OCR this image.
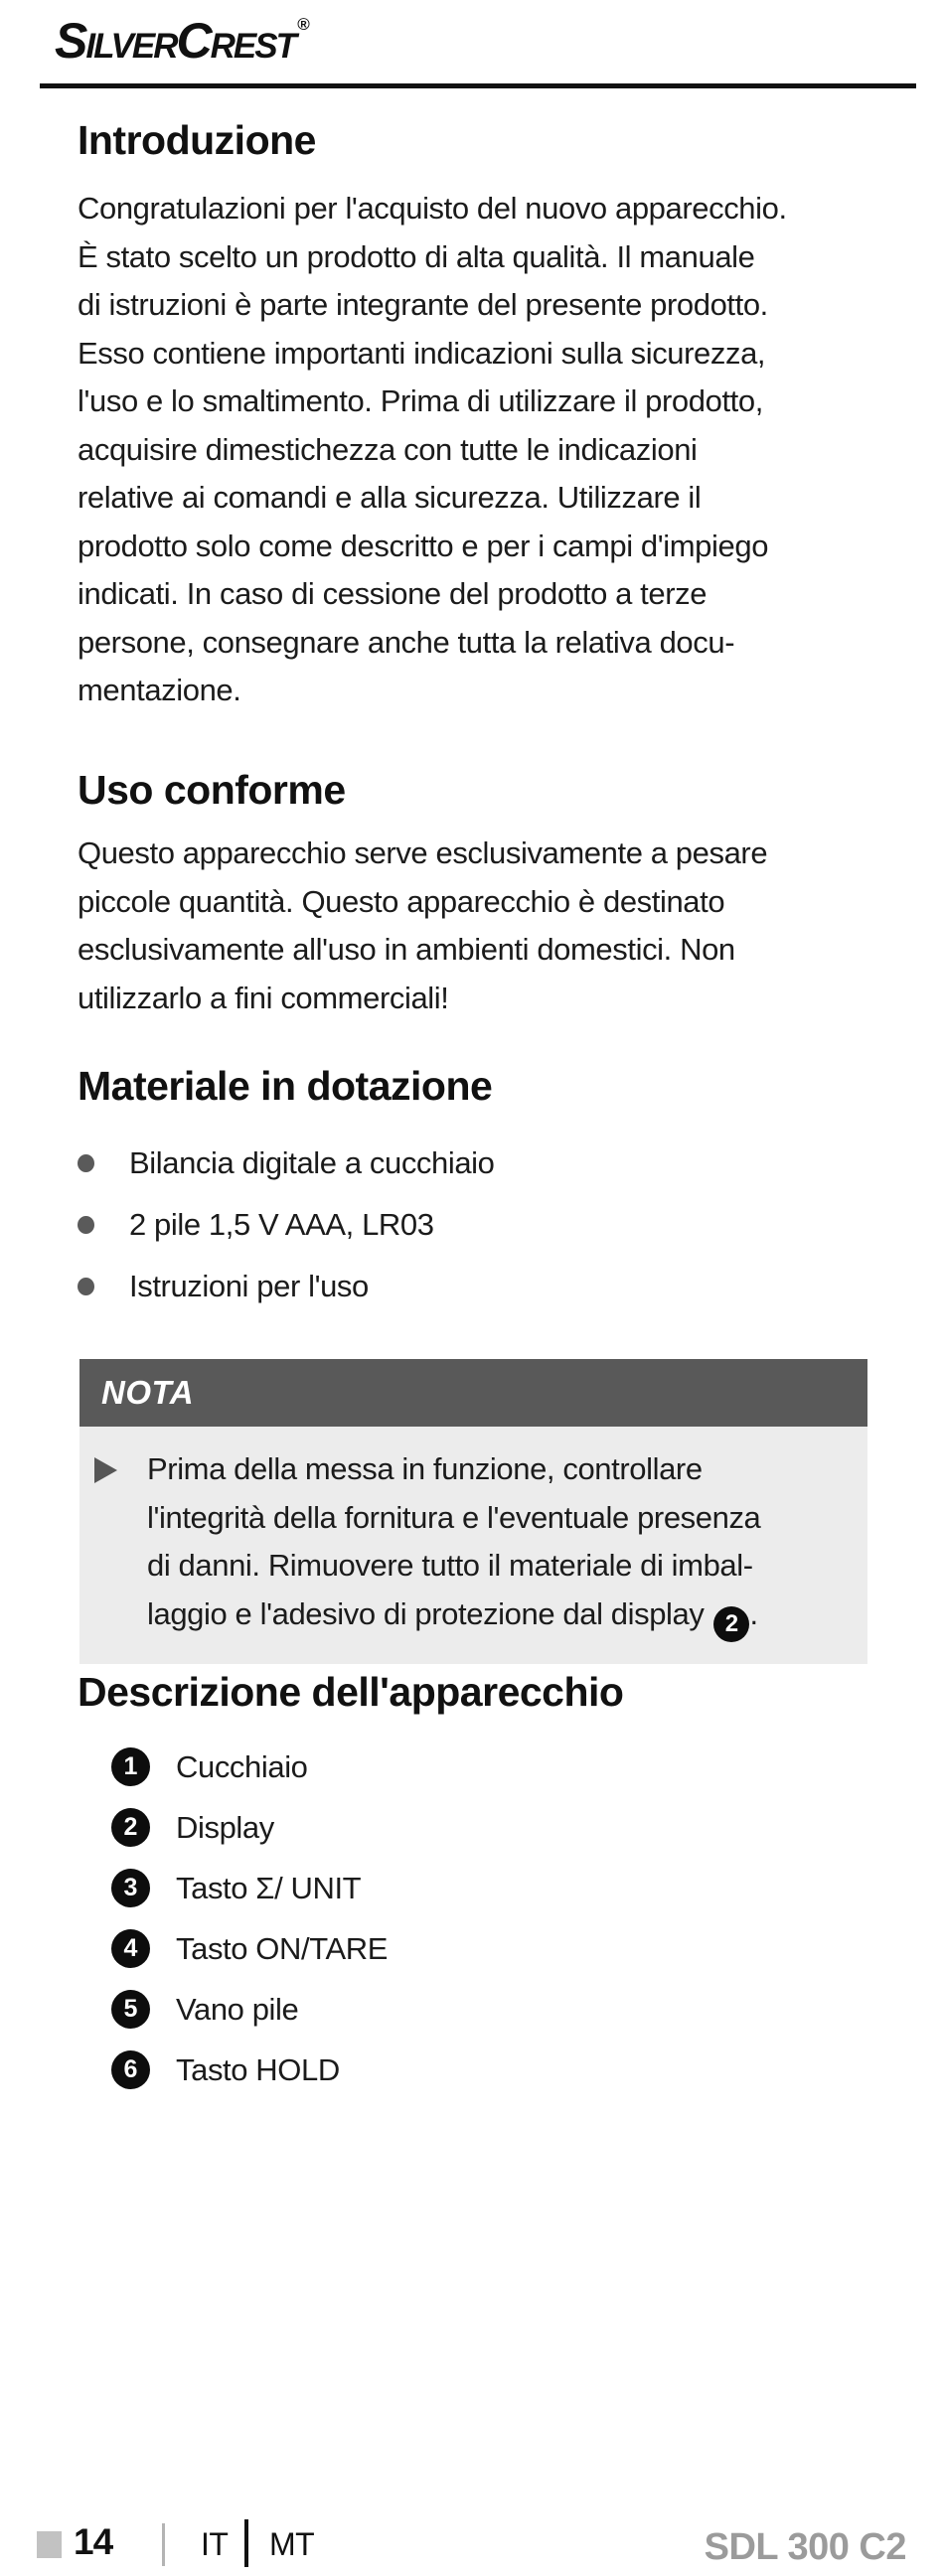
SilverCrest ®
Introduzione
Congratulazioni per l'acquisto del nuovo apparecchio.
È stato scelto un prodotto di alta qualità. Il manuale
di istruzioni è parte integrante del presente prodotto.
Esso contiene importanti indicazioni sulla sicurezza,
l'uso e lo smaltimento. Prima di utilizzare il prodotto,
acquisire dimestichezza con tutte le indicazioni
relative ai comandi e alla sicurezza. Utilizzare il
prodotto solo come descritto e per i campi d'impiego
indicati. In caso di cessione del prodotto a terze
persone, consegnare anche tutta la relativa docu-
mentazione.
Uso conforme
Questo apparecchio serve esclusivamente a pesare
piccole quantità. Questo apparecchio è destinato
esclusivamente all'uso in ambienti domestici. Non
utilizzarlo a fini commerciali!
Materiale in dotazione
Bilancia digitale a cucchiaio
2 pile 1,5 V AAA, LR03
Istruzioni per l'uso
NOTA
Prima della messa in funzione, controllare
l'integrità della fornitura e l'eventuale presenza
di danni. Rimuovere tutto il materiale di imbal-
laggio e l'adesivo di protezione dal display 2 .
Descrizione dell'apparecchio
1	Cucchiaio
2	Display
3	Tasto Σ/ UNIT
4	Tasto ON/TARE
5	Vano pile
6	Tasto HOLD
14	IT MT	SDL 300 C2
